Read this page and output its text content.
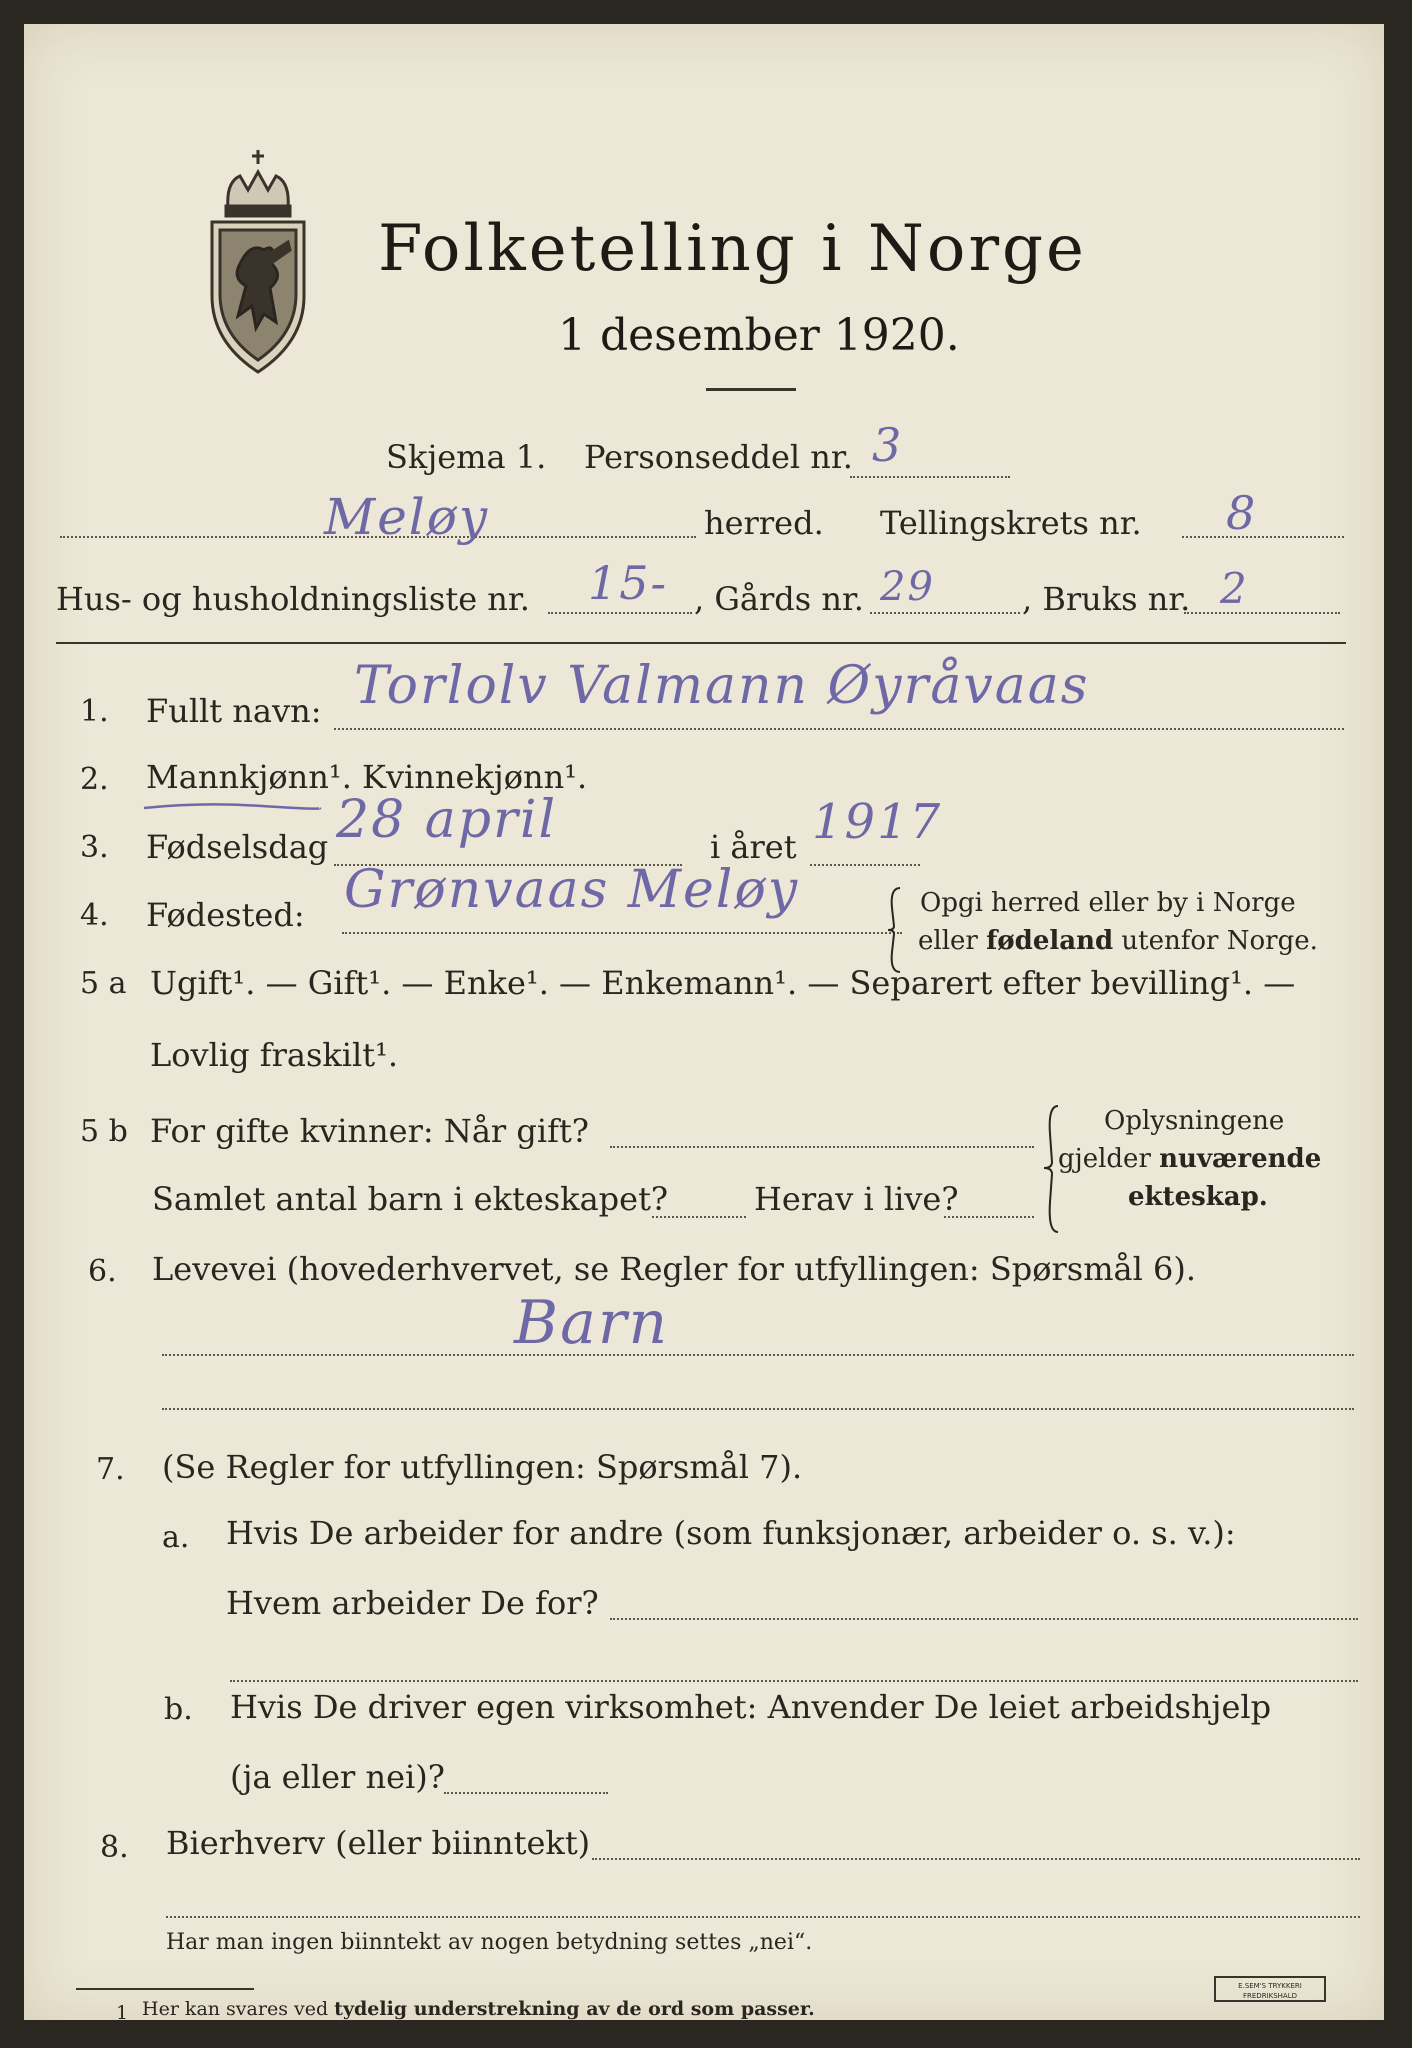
Folketelling i Norge
1 desember 1920.
Skjema 1. Personseddel nr. 3
Meløy	herred. Tellingskrets nr. 8
Hus- og husholdningsliste nr. 15- , Gårds nr. 29	, Bruks nr. 2
1. Fullt navn: Torlolv Valmann Øyråvaas
2. Mannkjønn¹. Kvinnekjønn¹.
3. Fødselsdag 28 april	i året 1917
4. Fødested: Grønvaas Meløy	Opgi herred eller by i Norge
eller fødeland utenfor Norge.
5 a Ugift¹. — Gift¹. — Enke¹. — Enkemann¹. — Separert efter bevilling¹. —
Lovlig fraskilt¹.
5 b For gifte kvinner: Når gift?
Samlet antal barn i ekteskapet?	Herav i live?
Oplysningene
gjelder nuværende
ekteskap.
6. Levevei (hovederhvervet, se Regler for utfyllingen: Spørsmål 6).
Barn
7. (Se Regler for utfyllingen: Spørsmål 7).
a. Hvis De arbeider for andre (som funksjonær, arbeider o. s. v.):
Hvem arbeider De for?
b. Hvis De driver egen virksomhet: Anvender De leiet arbeidshjelp
(ja eller nei)?
8. Bierhverv (eller biinntekt)
Har man ingen biinntekt av nogen betydning settes „nei“.
1 Her kan svares ved tydelig understrekning av de ord som passer.
E.SEM'S TRYKKERI
FREDRIKSHALD
